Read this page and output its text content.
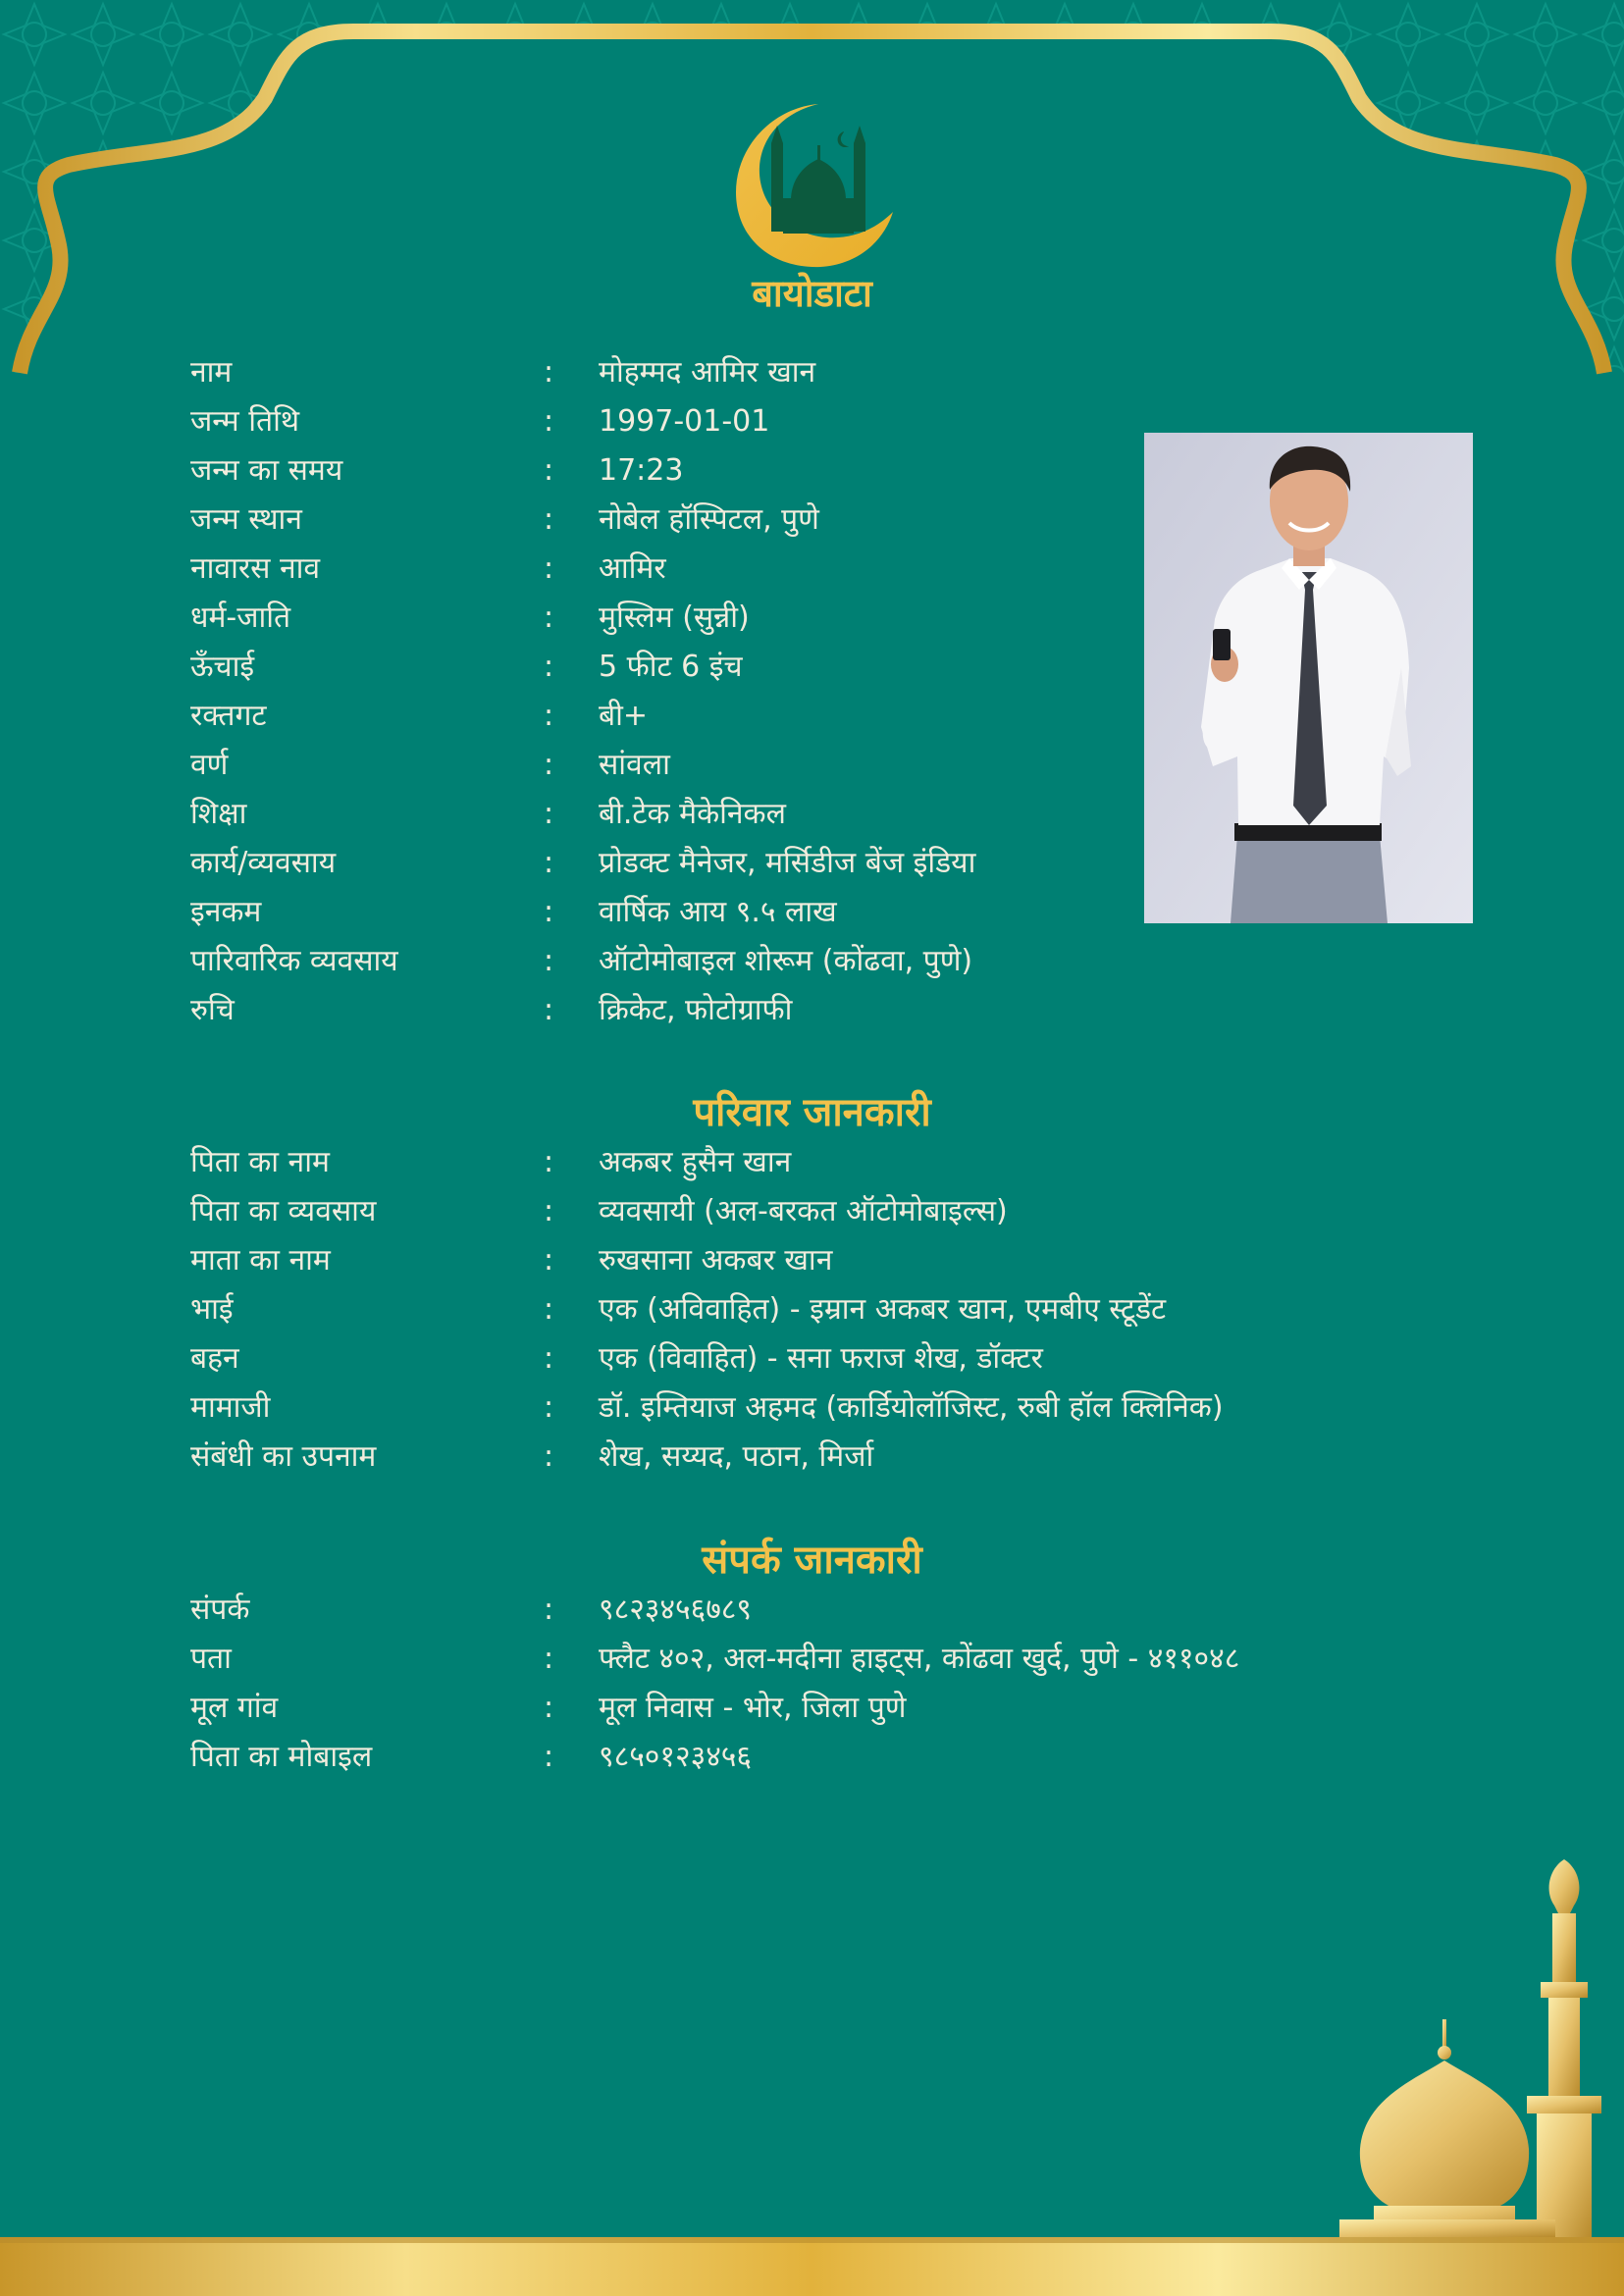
बायोडाटा
नाम	: मोहम्मद आमिर खान
जन्म तिथि	: 1997-01-01
जन्म का समय	: 17:23
जन्म स्थान	: नोबेल हॉस्पिटल, पुणे
नावारस नाव	: आमिर
धर्म-जाति	: मुस्लिम (सुन्नी)
ऊँचाई	: 5 फीट 6 इंच
रक्तगट	: बी+
वर्ण	: सांवला
शिक्षा	: बी.टेक मैकेनिकल
कार्य/व्यवसाय	: प्रोडक्ट मैनेजर, मर्सिडीज बेंज इंडिया
इनकम	: वार्षिक आय ९.५ लाख
पारिवारिक व्यवसाय	: ऑटोमोबाइल शोरूम (कोंढवा, पुणे)
रुचि	: क्रिकेट, फोटोग्राफी
परिवार जानकारी
पिता का नाम	: अकबर हुसैन खान
पिता का व्यवसाय	: व्यवसायी (अल-बरकत ऑटोमोबाइल्स)
माता का नाम	: रुखसाना अकबर खान
भाई	: एक (अविवाहित) - इम्रान अकबर खान, एमबीए स्टूडेंट
बहन	: एक (विवाहित) - सना फराज शेख, डॉक्टर
मामाजी	: डॉ. इम्तियाज अहमद (कार्डियोलॉजिस्ट, रुबी हॉल क्लिनिक)
संबंधी का उपनाम	: शेख, सय्यद, पठान, मिर्जा
संपर्क जानकारी
संपर्क	: ९८२३४५६७८९
पता	: फ्लैट ४०२, अल-मदीना हाइट्स, कोंढवा खुर्द, पुणे - ४११०४८
मूल गांव	: मूल निवास - भोर, जिला पुणे
पिता का मोबाइल	: ९८५०१२३४५६
